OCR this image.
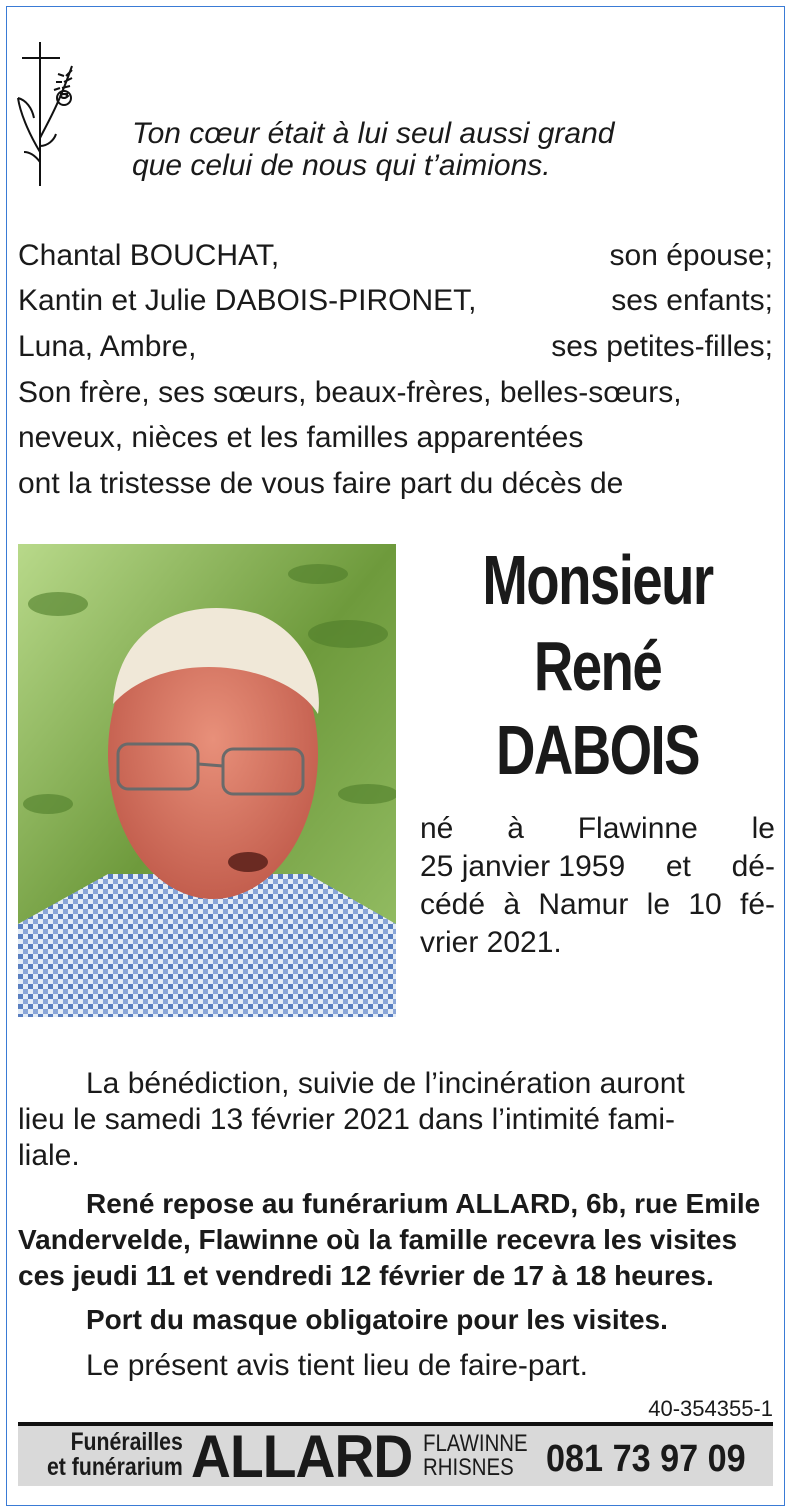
Ton cœur était à lui seul aussi grand
que celui de nous qui t’aimions.
Chantal BOUCHAT,	son épouse;
Kantin et Julie DABOIS-PIRONET,	ses enfants;
Luna, Ambre,	ses petites-filles;
Son frère, ses sœurs, beaux-frères, belles-sœurs,
neveux, nièces et les familles apparentées
ont la tristesse de vous faire part du décès de
Monsieur
René
DABOIS
né à Flawinne le
25 janvier 1959 et dé-
cédé à Namur le 10 fé-
vrier 2021.
La bénédiction, suivie de l’incinération auront
lieu le samedi 13 février 2021 dans l’intimité fami-
liale.
René repose au funérarium ALLARD, 6b, rue Emile
Vandervelde, Flawinne où la famille recevra les visites
ces jeudi 11 et vendredi 12 février de 17 à 18 heures.
Port du masque obligatoire pour les visites.
Le présent avis tient lieu de faire-part.
40-354355-1
Funérailles
et funérarium ALLARD FLAWINNE
RHISNES 081 73 97 09
